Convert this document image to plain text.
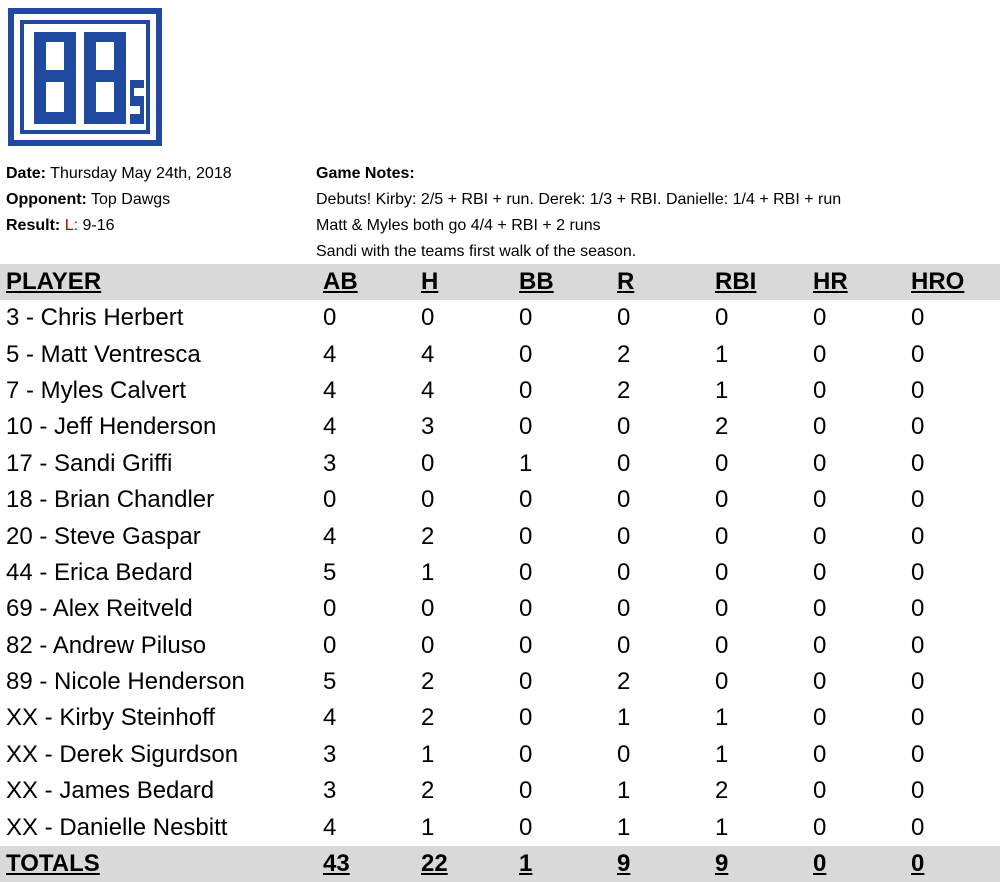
Date: Thursday May 24th, 2018
Opponent: Top Dawgs
Result: L: 9-16
Game Notes:
Debuts! Kirby: 2/5 + RBI + run. Derek: 1/3 + RBI. Danielle: 1/4 + RBI + run
Matt & Myles both go 4/4 + RBI + 2 runs
Sandi with the teams first walk of the season.
PLAYER	AB	H	BB	R	RBI	HR	HRO
3 - Chris Herbert	0	0	0	0	0	0	0
5 - Matt Ventresca	4	4	0	2	1	0	0
7 - Myles Calvert	4	4	0	2	1	0	0
10 - Jeff Henderson	4	3	0	0	2	0	0
17 - Sandi Griffi	3	0	1	0	0	0	0
18 - Brian Chandler	0	0	0	0	0	0	0
20 - Steve Gaspar	4	2	0	0	0	0	0
44 - Erica Bedard	5	1	0	0	0	0	0
69 - Alex Reitveld	0	0	0	0	0	0	0
82 - Andrew Piluso	0	0	0	0	0	0	0
89 - Nicole Henderson	5	2	0	2	0	0	0
XX - Kirby Steinhoff	4	2	0	1	1	0	0
XX - Derek Sigurdson	3	1	0	0	1	0	0
XX - James Bedard	3	2	0	1	2	0	0
XX - Danielle Nesbitt	4	1	0	1	1	0	0
TOTALS	43	22	1	9	9	0	0
